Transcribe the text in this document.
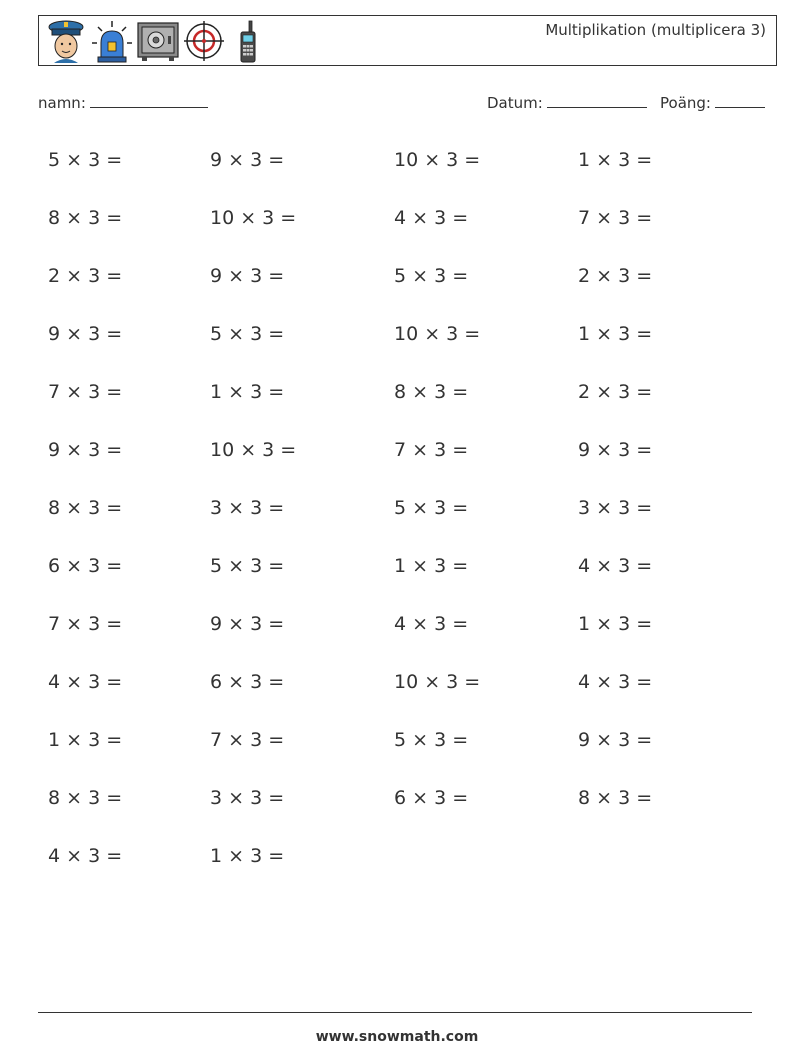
Multiplikation (multiplicera 3)
namn:	Datum:	Poäng:
5 × 3 =	9 × 3 =	10 × 3 =	1 × 3 =
8 × 3 =	10 × 3 =	4 × 3 =	7 × 3 =
2 × 3 =	9 × 3 =	5 × 3 =	2 × 3 =
9 × 3 =	5 × 3 =	10 × 3 =	1 × 3 =
7 × 3 =	1 × 3 =	8 × 3 =	2 × 3 =
9 × 3 =	10 × 3 =	7 × 3 =	9 × 3 =
8 × 3 =	3 × 3 =	5 × 3 =	3 × 3 =
6 × 3 =	5 × 3 =	1 × 3 =	4 × 3 =
7 × 3 =	9 × 3 =	4 × 3 =	1 × 3 =
4 × 3 =	6 × 3 =	10 × 3 =	4 × 3 =
1 × 3 =	7 × 3 =	5 × 3 =	9 × 3 =
8 × 3 =	3 × 3 =	6 × 3 =	8 × 3 =
4 × 3 =	1 × 3 =
www.snowmath.com
